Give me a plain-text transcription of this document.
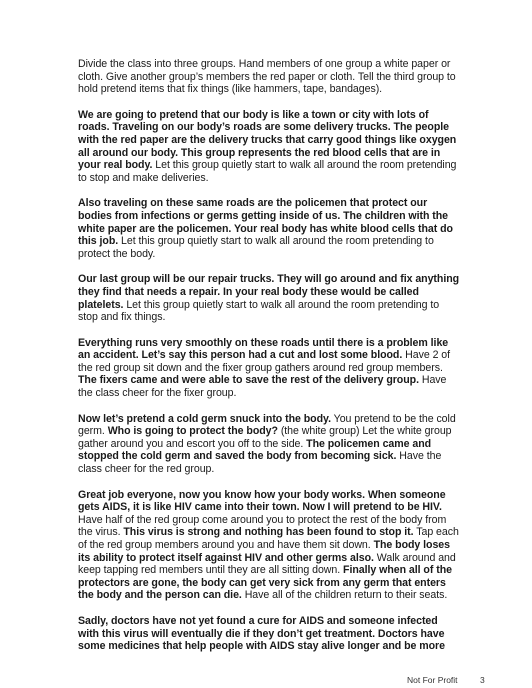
Divide the class into three groups. Hand members of one group a white paper or cloth. Give another group’s members the red paper or cloth. Tell the third group to hold pretend items that fix things (like hammers, tape, bandages).

We are going to pretend that our body is like a town or city with lots of roads. Traveling on our body’s roads are some delivery trucks. The people with the red paper are the delivery trucks that carry good things like oxygen all around our body. This group represents the red blood cells that are in your real body. Let this group quietly start to walk all around the room pretending to stop and make deliveries.

Also traveling on these same roads are the policemen that protect our bodies from infections or germs getting inside of us. The children with the white paper are the policemen. Your real body has white blood cells that do this job. Let this group quietly start to walk all around the room pretending to protect the body.

Our last group will be our repair trucks. They will go around and fix anything they find that needs a repair. In your real body these would be called platelets. Let this group quietly start to walk all around the room pretending to stop and fix things.

Everything runs very smoothly on these roads until there is a problem like an accident. Let’s say this person had a cut and lost some blood. Have 2 of the red group sit down and the fixer group gathers around red group members. The fixers came and were able to save the rest of the delivery group. Have the class cheer for the fixer group.

Now let’s pretend a cold germ snuck into the body. You pretend to be the cold germ. Who is going to protect the body? (the white group) Let the white group gather around you and escort you off to the side. The policemen came and stopped the cold germ and saved the body from becoming sick. Have the class cheer for the red group.

Great job everyone, now you know how your body works. When someone gets AIDS, it is like HIV came into their town. Now I will pretend to be HIV. Have half of the red group come around you to protect the rest of the body from the virus. This virus is strong and nothing has been found to stop it. Tap each of the red group members around you and have them sit down. The body loses its ability to protect itself against HIV and other germs also. Walk around and keep tapping red members until they are all sitting down. Finally when all of the protectors are gone, the body can get very sick from any germ that enters the body and the person can die. Have all of the children return to their seats.

Sadly, doctors have not yet found a cure for AIDS and someone infected with this virus will eventually die if they don’t get treatment. Doctors have some medicines that help people with AIDS stay alive longer and be more

Not For Profit	3
